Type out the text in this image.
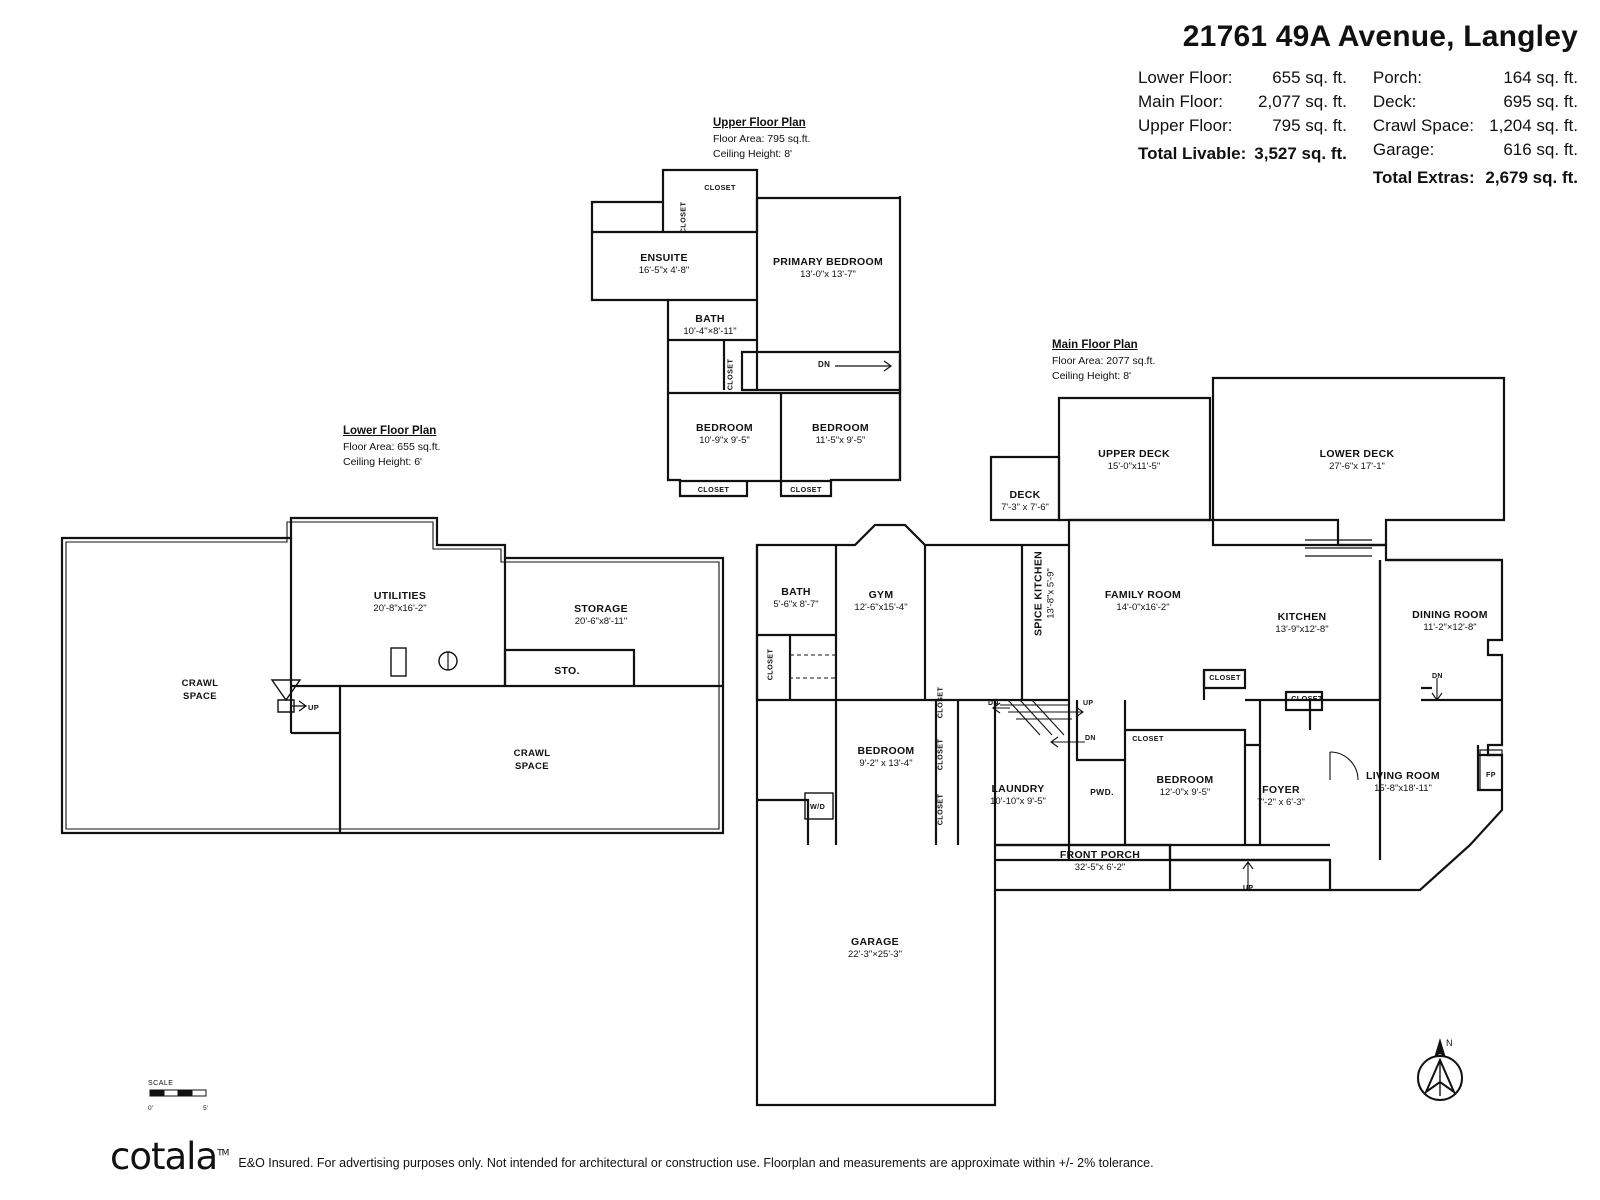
21761 49A Avenue, Langley
Lower Floor:	655 sq. ft.
Main Floor:	2,077 sq. ft.
Upper Floor:	795 sq. ft.
Total Livable: 3,527 sq. ft.
Porch:	164 sq. ft.
Deck:	695 sq. ft.
Crawl Space: 1,204 sq. ft.
Garage:	616 sq. ft.
Total Extras: 2,679 sq. ft.
Upper Floor Plan
Floor Area: 795 sq.ft.
Ceiling Height: 8'
CLOSET
CLOSET
ENSUITE
16'-5"x 4'-8"
PRIMARY BEDROOM
13'-0"x 13'-7"
BATH
10'-4"×8'-11"
CLOSET	DN
BEDROOM
10'-9"x 9'-5"
BEDROOM
11'-5"x 9'-5"
CLOSET	CLOSET
Lower Floor Plan
Floor Area: 655 sq.ft.
Ceiling Height: 6'
UTILITIES
20'-8"x16'-2"	STORAGE
20'-6"x8'-11"
STO.
CRAWL
SPACE
CRAWL
SPACE
UP
Main Floor Plan
Floor Area: 2077 sq.ft.
Ceiling Height: 8'
UPPER DECK
15'-0"x11'-5"
LOWER DECK
27'-6"x 17'-1"
DECK
7'-3" x 7'-6"
BATH
5'-6"x 8'-7"
CLOSET
GYM
12'-6"x15'-4"	SPICE KITCHEN 13'-8"x 5'-9"	FAMILY ROOM
14'-0"x16'-2"
KITCHEN
13'-9"x12'-8"
DINING ROOM
11'-2"×12'-8"
LIVING ROOM
15'-8"x18'-11"
BEDROOM
9'-2" x 13'-4"
BEDROOM
12'-0"x 9'-5"
LAUNDRY
10'-10"x 9'-5"
PWD.	FOYER
7'-2" x 6'-3"
FRONT PORCH
32'-5"x 6'-2"
GARAGE
22'-3"×25'-3"
CLOSET
CLOSET
CLOSET
CLOSET
CLOSET
CLOSET
W/D
FP
DN
DN
DN
UP
UP
SCALE
0'	5'
N
cotala™
E&O Insured. For advertising purposes only. Not intended for architectural or construction use. Floorplan and measurements are approximate within +/- 2% tolerance.
